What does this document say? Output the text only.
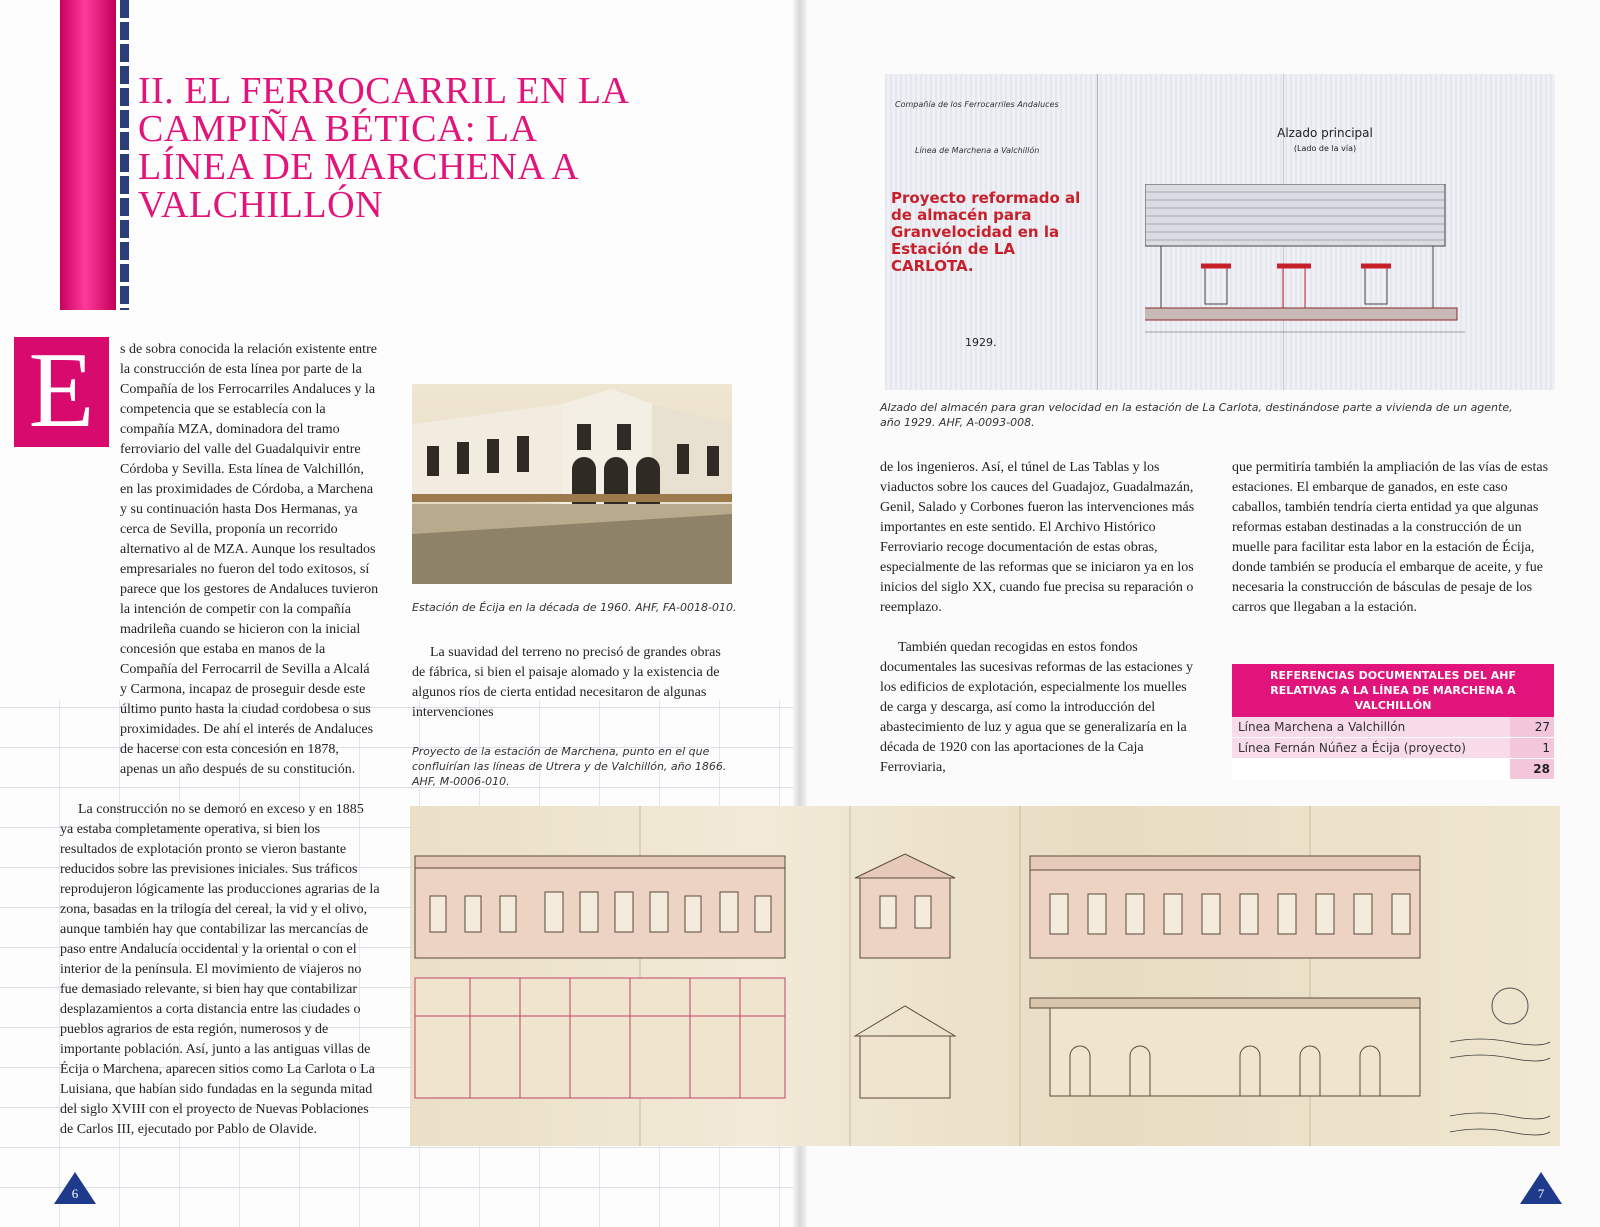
II. EL FERROCARRIL EN LA
CAMPIÑA BÉTICA: LA
LÍNEA DE MARCHENA A
VALCHILLÓN
E	s de sobra conocida la relación existente entre la construcción de esta línea por parte de la Compañía de los Ferrocarriles Andaluces y la competencia que se establecía con la compañía MZA, dominadora del tramo ferroviario del valle del Guadalquivir entre Córdoba y Sevilla. Esta línea de Valchillón, en las proximidades de Córdoba, a Marchena y su continuación hasta Dos Hermanas, ya cerca de Sevilla, proponía un recorrido alternativo al de MZA. Aunque los resultados empresariales no fueron del todo exitosos, sí parece que los gestores de Andaluces tuvieron la intención de competir con la compañía madrileña cuando se hicieron con la inicial concesión que estaba en manos de la Compañía del Ferrocarril de Sevilla a Alcalá y Carmona, incapaz de proseguir desde este último punto hasta la ciudad cordobesa o sus proximidades. De ahí el interés de Andaluces de hacerse con esta concesión en 1878, apenas un año después de su constitución.

La construcción no se demoró en exceso y en 1885 ya estaba completamente operativa, si bien los resultados de explotación pronto se vieron bastante reducidos sobre las previsiones iniciales. Sus tráficos reprodujeron lógicamente las producciones agrarias de la zona, basadas en la trilogía del cereal, la vid y el olivo, aunque también hay que contabilizar las mercancías de paso entre Andalucía occidental y la oriental o con el interior de la península. El movimiento de viajeros no fue demasiado relevante, si bien hay que contabilizar desplazamientos a corta distancia entre las ciudades o pueblos agrarios de esta región, numerosos y de importante población. Así, junto a las antiguas villas de Écija o Marchena, aparecen sitios como La Carlota o La Luisiana, que habían sido fundadas en la segunda mitad del siglo XVIII con el proyecto de Nuevas Poblaciones de Carlos III, ejecutado por Pablo de Olavide.

Estación de Écija en la década de 1960. AHF, FA-0018-010.

La suavidad del terreno no precisó de grandes obras de fábrica, si bien el paisaje alomado y la existencia de algunos ríos de cierta entidad necesitaron de algunas intervenciones

Proyecto de la estación de Marchena, punto en el que confluirían las líneas de Utrera y de Valchillón, año 1866. AHF, M-0006-010.
6	7
Compañía de los Ferrocarriles Andaluces
Línea de Marchena a Valchillón
Proyecto reformado al de almacén para Granvelocidad en la Estación de LA CARLOTA.
1929.
Alzado principal
(Lado de la vía)
Alzado del almacén para gran velocidad en la estación de La Carlota, destinándose parte a vivienda de un agente, año 1929. AHF, A-0093-008.

de los ingenieros. Así, el túnel de Las Tablas y los viaductos sobre los cauces del Guadajoz, Guadalmazán, Genil, Salado y Corbones fueron las intervenciones más importantes en este sentido. El Archivo Histórico Ferroviario recoge documentación de estas obras, especialmente de las reformas que se iniciaron ya en los inicios del siglo XX, cuando fue precisa su reparación o reemplazo.

También quedan recogidas en estos fondos documentales las sucesivas reformas de las estaciones y los edificios de explotación, especialmente los muelles de carga y descarga, así como la introducción del abastecimiento de luz y agua que se generalizaría en la década de 1920 con las aportaciones de la Caja Ferroviaria,

que permitiría también la ampliación de las vías de estas estaciones. El embarque de ganados, en este caso caballos, también tendría cierta entidad ya que algunas reformas estaban destinadas a la construcción de un muelle para facilitar esta labor en la estación de Écija, donde también se producía el embarque de aceite, y fue necesaria la construcción de básculas de pesaje de los carros que llegaban a la estación.

REFERENCIAS DOCUMENTALES DEL AHF RELATIVAS A LA LÍNEA DE MARCHENA A VALCHILLÓN
Línea Marchena a Valchillón	27
Línea Fernán Núñez a Écija (proyecto)	1
28
